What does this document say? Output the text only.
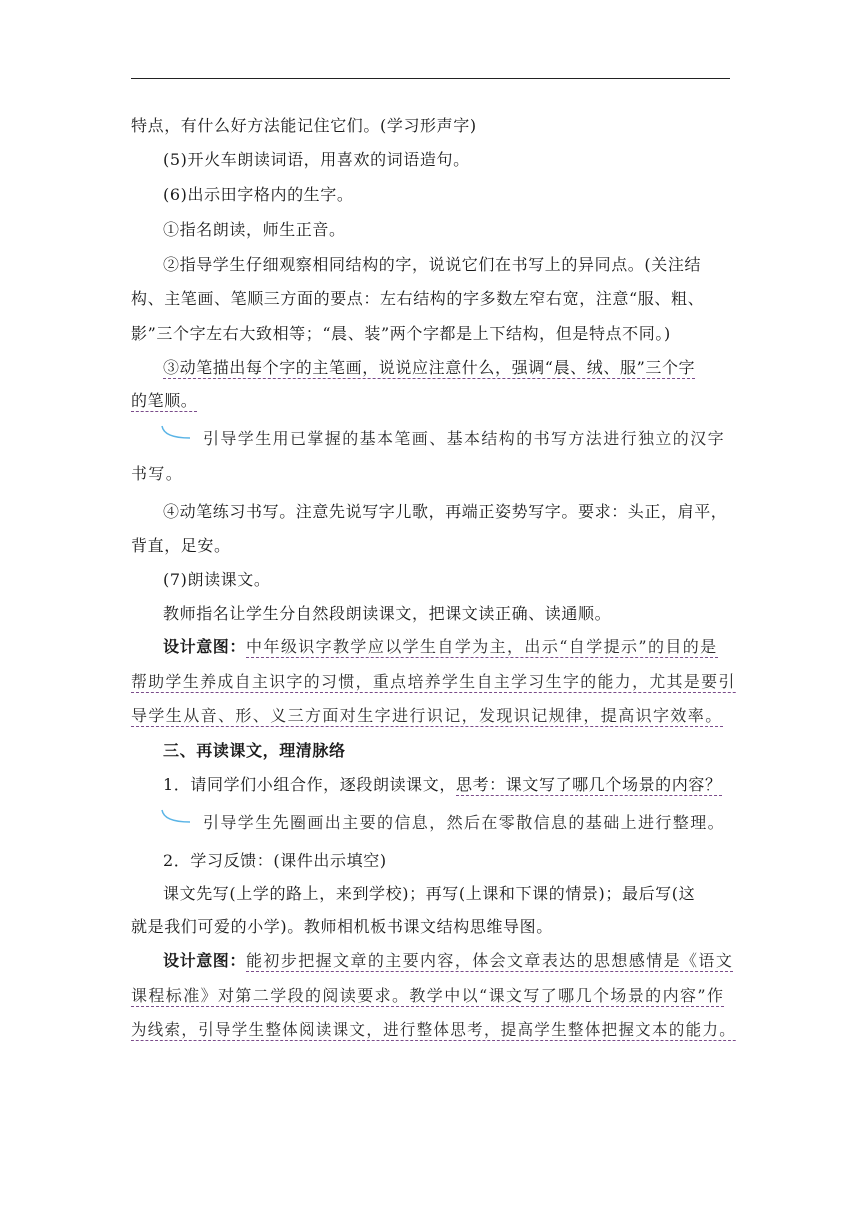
特点，有什么好方法能记住它们。(学习形声字)
(5)开火车朗读词语，用喜欢的词语造句。
(6)出示田字格内的生字。
①指名朗读，师生正音。
②指导学生仔细观察相同结构的字，说说它们在书写上的异同点。(关注结
构、主笔画、笔顺三方面的要点：左右结构的字多数左窄右宽，注意“服、粗、
影”三个字左右大致相等；“晨、装”两个字都是上下结构，但是特点不同。)
③动笔描出每个字的主笔画，说说应注意什么，强调“晨、绒、服”三个字
的笔顺。
引导学生用已掌握的基本笔画、基本结构的书写方法进行独立的汉字
书写。
④动笔练习书写。注意先说写字儿歌，再端正姿势写字。要求：头正，肩平，
背直，足安。
(7)朗读课文。
教师指名让学生分自然段朗读课文，把课文读正确、读通顺。
设计意图：中年级识字教学应以学生自学为主，出示“自学提示”的目的是
帮助学生养成自主识字的习惯，重点培养学生自主学习生字的能力，尤其是要引
导学生从音、形、义三方面对生字进行识记，发现识记规律，提高识字效率。
三、再读课文，理清脉络
1．请同学们小组合作，逐段朗读课文，思考：课文写了哪几个场景的内容？
引导学生先圈画出主要的信息，然后在零散信息的基础上进行整理。
2．学习反馈：(课件出示填空)
课文先写(上学的路上，来到学校)；再写(上课和下课的情景)；最后写(这
就是我们可爱的小学)。教师相机板书课文结构思维导图。
设计意图：能初步把握文章的主要内容，体会文章表达的思想感情是《语文
课程标准》对第二学段的阅读要求。教学中以“课文写了哪几个场景的内容”作
为线索，引导学生整体阅读课文，进行整体思考，提高学生整体把握文本的能力。
